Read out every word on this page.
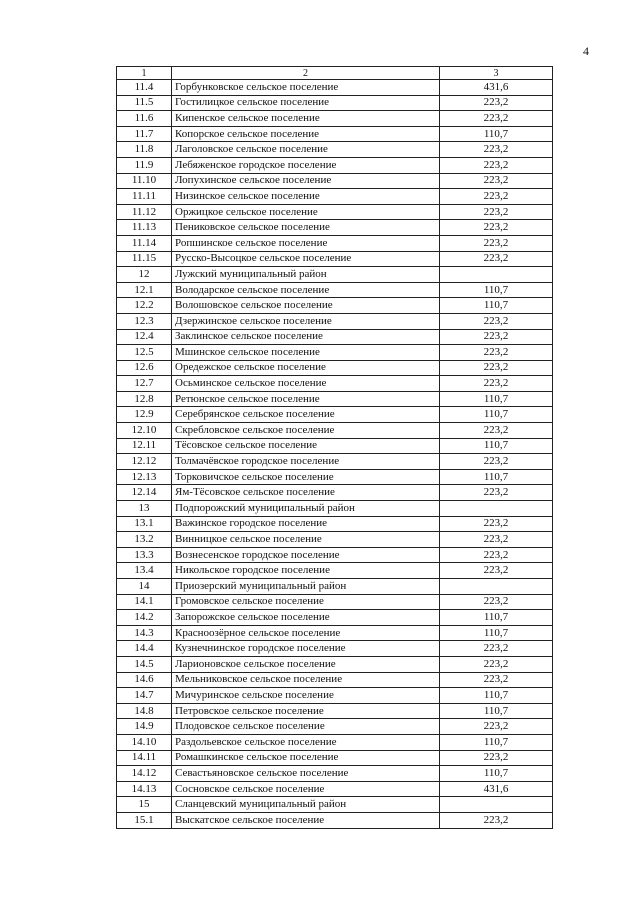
4
1	2	3
11.4	Горбунковское сельское поселение	431,6
11.5	Гостилицкое сельское поселение	223,2
11.6	Кипенское сельское поселение	223,2
11.7	Копорское сельское поселение	110,7
11.8	Лаголовское сельское поселение	223,2
11.9	Лебяженское городское поселение	223,2
11.10	Лопухинское сельское поселение	223,2
11.11	Низинское сельское поселение	223,2
11.12	Оржицкое сельское поселение	223,2
11.13	Пениковское сельское поселение	223,2
11.14	Ропшинское сельское поселение	223,2
11.15	Русско-Высоцкое сельское поселение	223,2
12	Лужский муниципальный район	
12.1	Володарское сельское поселение	110,7
12.2	Волошовское сельское поселение	110,7
12.3	Дзержинское сельское поселение	223,2
12.4	Заклинское сельское поселение	223,2
12.5	Мшинское сельское поселение	223,2
12.6	Оредежское сельское поселение	223,2
12.7	Осьминское сельское поселение	223,2
12.8	Ретюнское сельское поселение	110,7
12.9	Серебрянское сельское поселение	110,7
12.10	Скребловское сельское поселение	223,2
12.11	Тёсовское сельское поселение	110,7
12.12	Толмачёвское городское поселение	223,2
12.13	Торковичское сельское поселение	110,7
12.14	Ям-Тёсовское сельское поселение	223,2
13	Подпорожский муниципальный район	
13.1	Важинское городское поселение	223,2
13.2	Винницкое сельское поселение	223,2
13.3	Вознесенское городское поселение	223,2
13.4	Никольское городское поселение	223,2
14	Приозерский муниципальный район	
14.1	Громовское сельское поселение	223,2
14.2	Запорожское сельское поселение	110,7
14.3	Красноозёрное сельское поселение	110,7
14.4	Кузнечнинское городское поселение	223,2
14.5	Ларионовское сельское поселение	223,2
14.6	Мельниковское сельское поселение	223,2
14.7	Мичуринское сельское поселение	110,7
14.8	Петровское сельское поселение	110,7
14.9	Плодовское сельское поселение	223,2
14.10	Раздольевское сельское поселение	110,7
14.11	Ромашкинское сельское поселение	223,2
14.12	Севастьяновское сельское поселение	110,7
14.13	Сосновское сельское поселение	431,6
15	Сланцевский муниципальный район	
15.1	Выскатское сельское поселение	223,2
